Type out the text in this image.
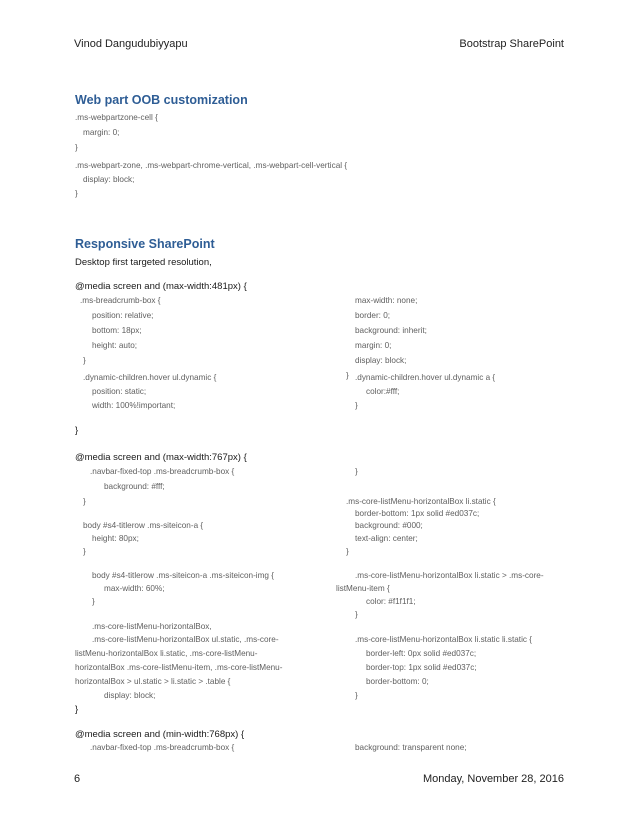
Vinod Dangudubiyyapu	Bootstrap SharePoint
Web part OOB customization
.ms-webpartzone-cell {
margin: 0;
}
.ms-webpart-zone, .ms-webpart-chrome-vertical, .ms-webpart-cell-vertical {
display: block;
}
Responsive SharePoint
Desktop first targeted resolution,
@media screen and (max-width:481px) {
.ms-breadcrumb-box {
position: relative;
bottom: 18px;
height: auto;
}
.dynamic-children.hover ul.dynamic {
position: static;
width: 100%!important;
max-width: none;
border: 0;
background: inherit;
margin: 0;
display: block;
} .dynamic-children.hover ul.dynamic a {
color:#fff;
}
}
@media screen and (max-width:767px) {
.navbar-fixed-top .ms-breadcrumb-box {
background: #fff;
}
body #s4-titlerow .ms-siteicon-a {
height: 80px;
}
body #s4-titlerow .ms-siteicon-a .ms-siteicon-img {
max-width: 60%;
}
.ms-core-listMenu-horizontalBox,
.ms-core-listMenu-horizontalBox ul.static, .ms-core-
listMenu-horizontalBox li.static, .ms-core-listMenu-
horizontalBox .ms-core-listMenu-item, .ms-core-listMenu-
horizontalBox > ul.static > li.static > .table {
display: block;
}
.ms-core-listMenu-horizontalBox li.static {
border-bottom: 1px solid #ed037c;
background: #000;
text-align: center;
}
.ms-core-listMenu-horizontalBox li.static > .ms-core-
listMenu-item {
color: #f1f1f1;
}
.ms-core-listMenu-horizontalBox li.static li.static {
border-left: 0px solid #ed037c;
border-top: 1px solid #ed037c;
border-bottom: 0;
}
}
@media screen and (min-width:768px) {
.navbar-fixed-top .ms-breadcrumb-box {	background: transparent none;
6	Monday, November 28, 2016
